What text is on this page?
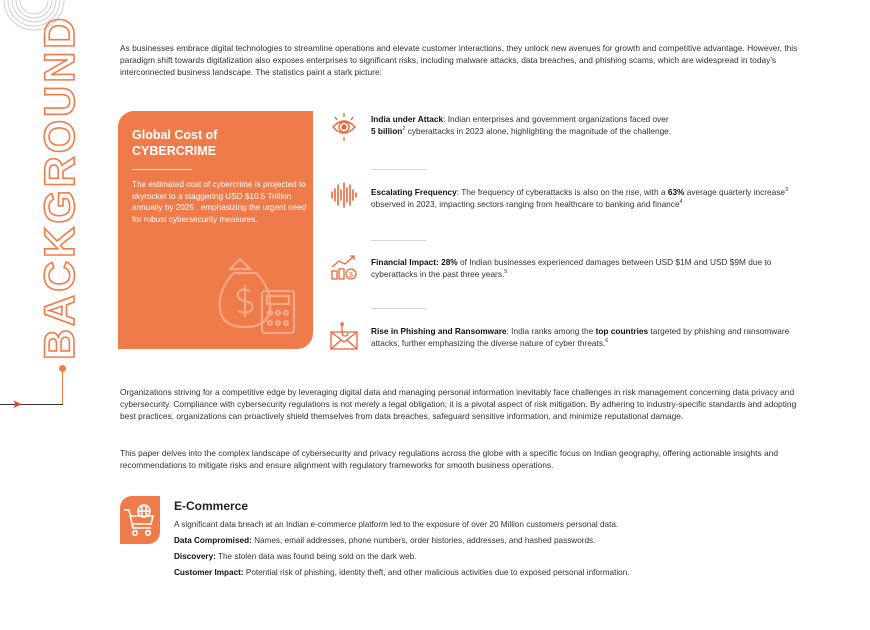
BACKGROUND
➤

As businesses embrace digital technologies to streamline operations and elevate customer interactions, they unlock new avenues for growth and competitive advantage. However, this paradigm shift towards digitalization also exposes enterprises to significant risks, including malware attacks, data breaches, and phishing scams, which are widespread in today's interconnected business landscape. The statistics paint a stark picture:

Global Cost of
CYBERCRIME

The estimated cost of cybercrime is projected to skyrocket to a staggering USD $10.5 Trillion annually by 2025 , emphasizing the urgent need for robust cybersecurity measures.

India under Attack: Indian enterprises and government organizations faced over
5 billion$^2$ cyberattacks in 2023 alone, highlighting the magnitude of the challenge.
Escalating Frequency: The frequency of cyberattacks is also on the rise, with a 63% average quarterly increase$^3$ observed in 2023, impacting sectors ranging from healthcare to banking and finance$^4$
$
Financial Impact: 28% of Indian businesses experienced damages between USD $1M and USD $9M due to cyberattacks in the past three years.$^5$
Rise in Phishing and Ransomware: India ranks among the top countries targeted by phishing and ransomware attacks, further emphasizing the diverse nature of cyber threats.$^6$

Organizations striving for a competitive edge by leveraging digital data and managing personal information inevitably face challenges in risk management concerning data privacy and cybersecurity. Compliance with cybersecurity regulations is not merely a legal obligation; it is a pivotal aspect of risk mitigation. By adhering to industry-specific standards and adopting best practices, organizations can proactively shield themselves from data breaches, safeguard sensitive information, and minimize reputational damage.

This paper delves into the complex landscape of cybersecurity and privacy regulations across the globe with a specific focus on Indian geography, offering actionable insights and recommendations to mitigate risks and ensure alignment with regulatory frameworks for smooth business operations.

E-Commerce
A significant data breach at an Indian e-commerce platform led to the exposure of over 20 Million customers personal data.
Data Compromised: Names, email addresses, phone numbers, order histories, addresses, and hashed passwords.
Discovery: The stolen data was found being sold on the dark web.
Customer Impact: Potential risk of phishing, identity theft, and other malicious activities due to exposed personal information.
